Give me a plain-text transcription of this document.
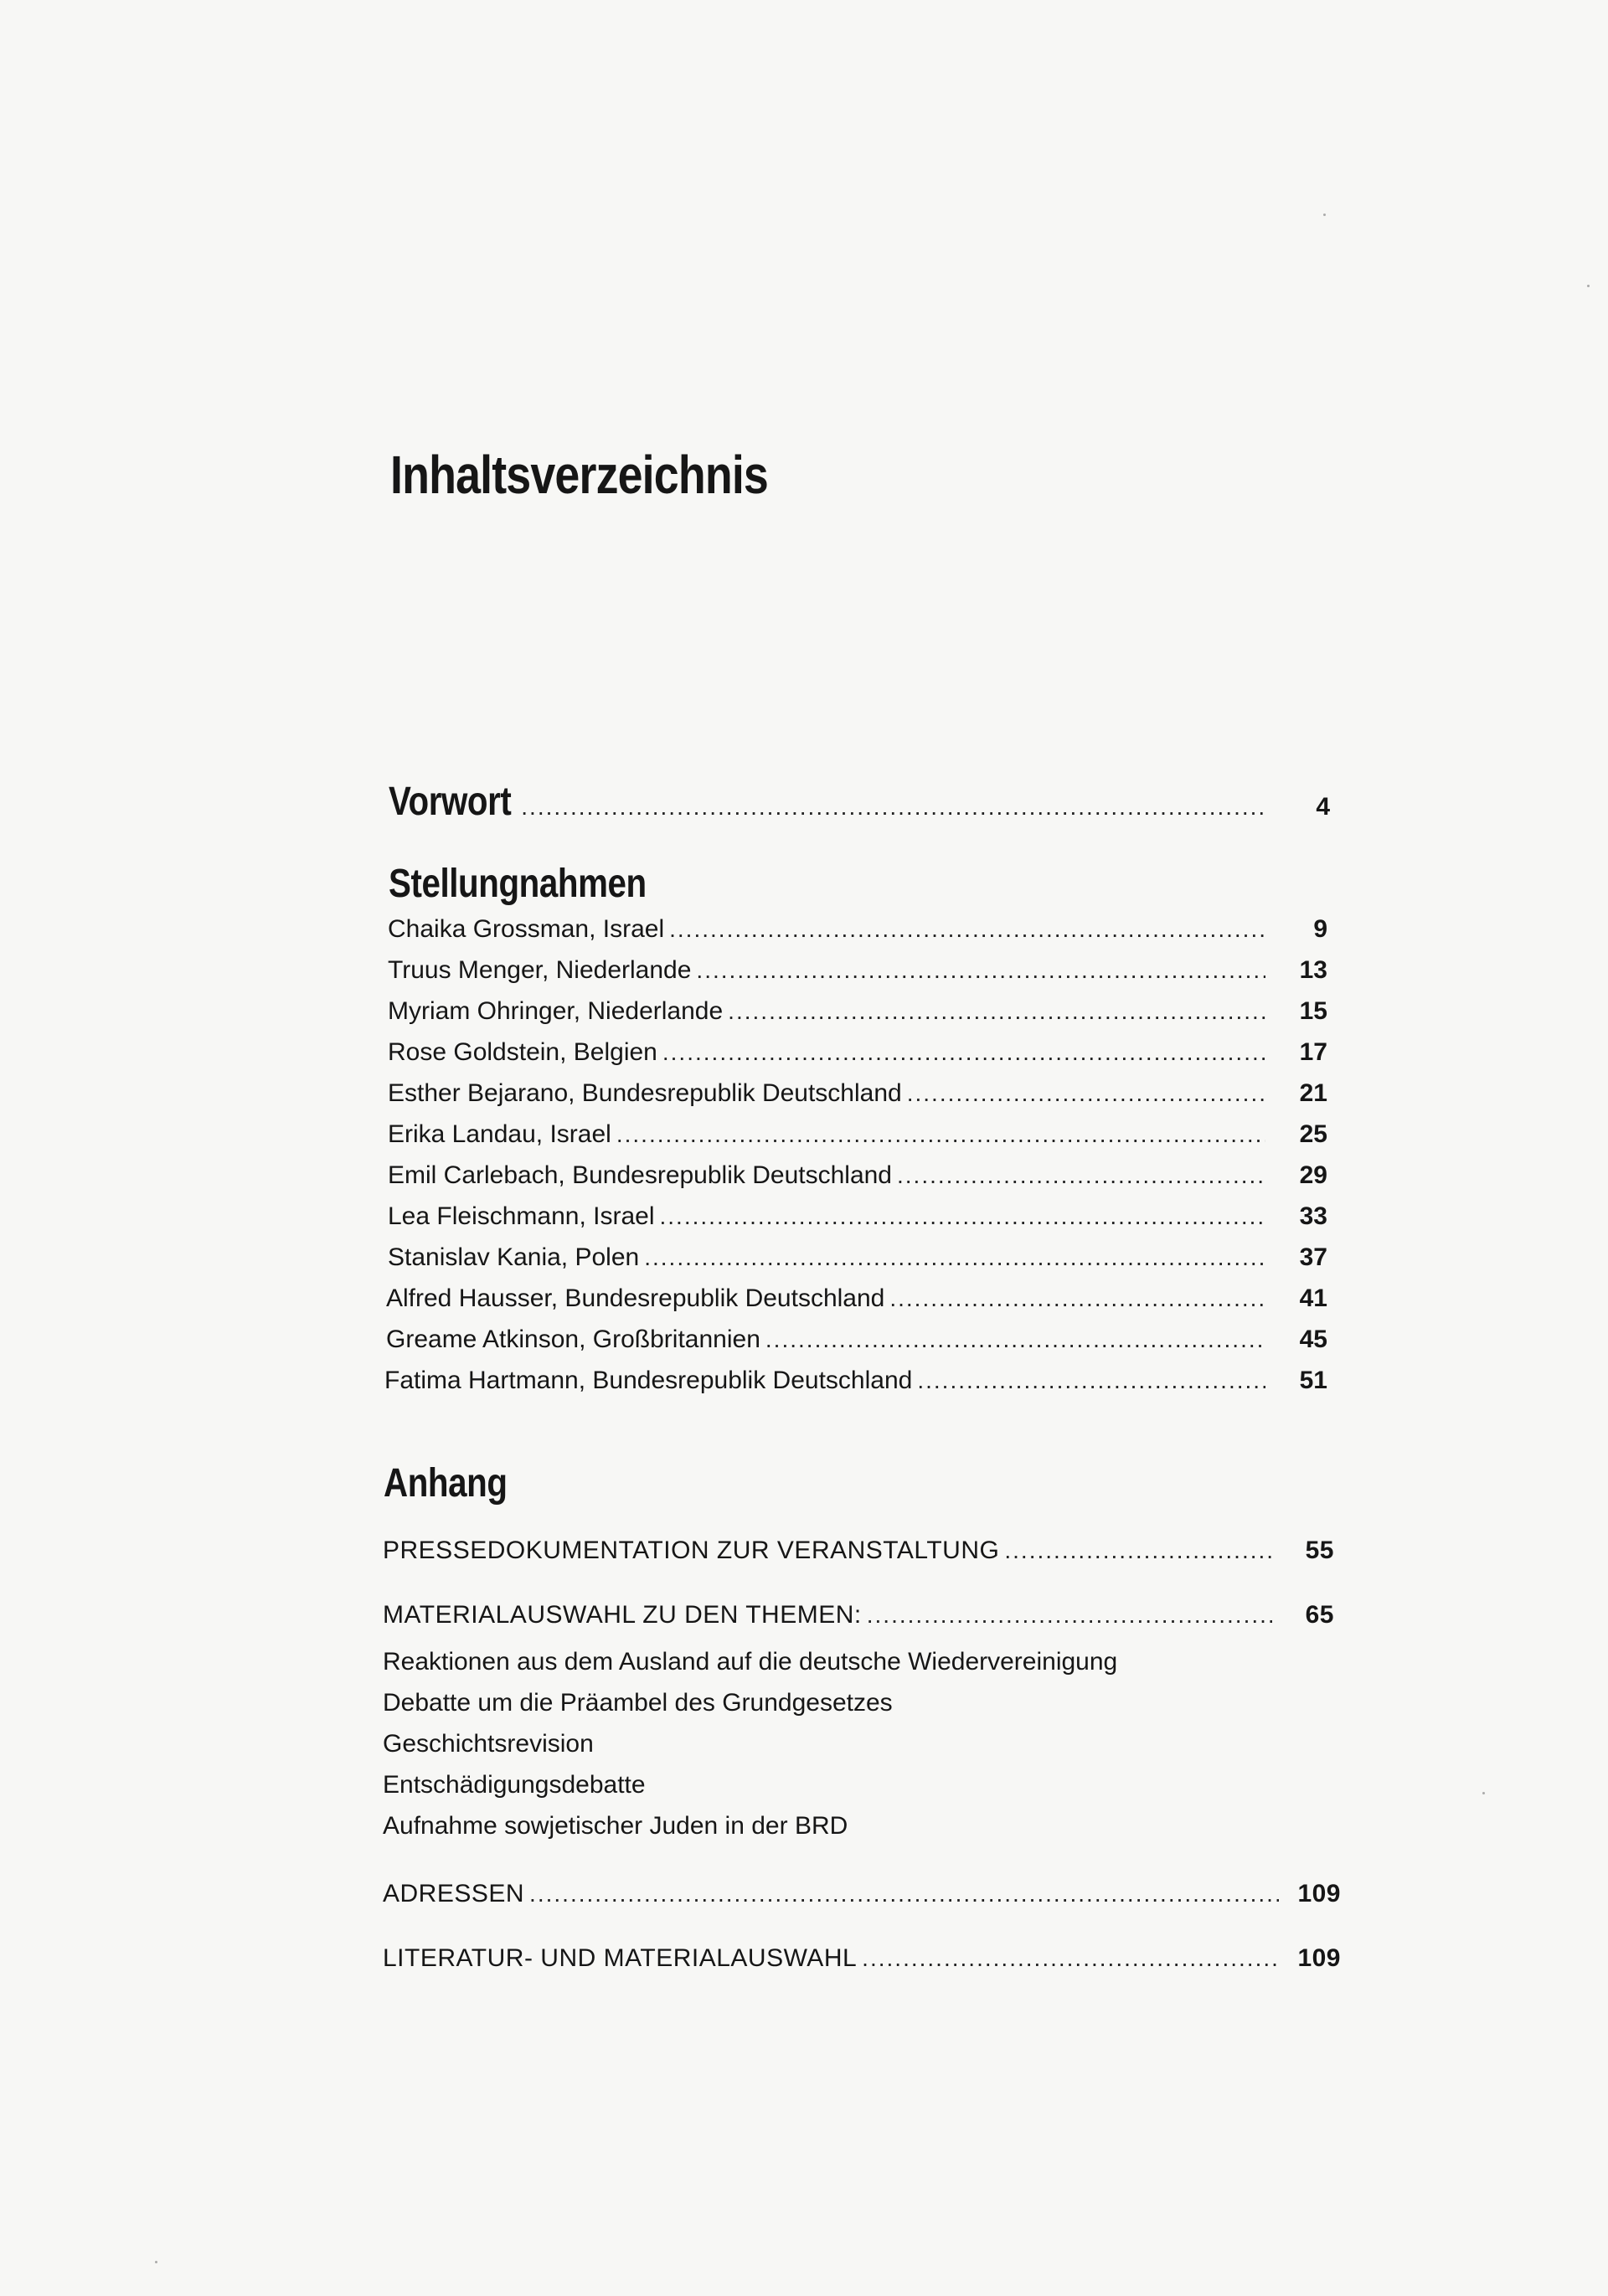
Inhaltsverzeichnis
Vorwort .....	4
Stellungnahmen
Chaika Grossman, Israel .....	9
Truus Menger, Niederlande .....	13
Myriam Ohringer, Niederlande .....	15
Rose Goldstein, Belgien .....	17
Esther Bejarano, Bundesrepublik Deutschland .....	21
Erika Landau, Israel .....	25
Emil Carlebach, Bundesrepublik Deutschland .....	29
Lea Fleischmann, Israel .....	33
Stanislav Kania, Polen .....	37
Alfred Hausser, Bundesrepublik Deutschland .....	41
Greame Atkinson, Großbritannien .....	45
Fatima Hartmann, Bundesrepublik Deutschland .....	51
Anhang
PRESSEDOKUMENTATION ZUR VERANSTALTUNG .....	55
MATERIALAUSWAHL ZU DEN THEMEN: .....	65
Reaktionen aus dem Ausland auf die deutsche Wiedervereinigung
Debatte um die Präambel des Grundgesetzes
Geschichtsrevision
Entschädigungsdebatte
Aufnahme sowjetischer Juden in der BRD
ADRESSEN .....	109
LITERATUR- UND MATERIALAUSWAHL .....	109
